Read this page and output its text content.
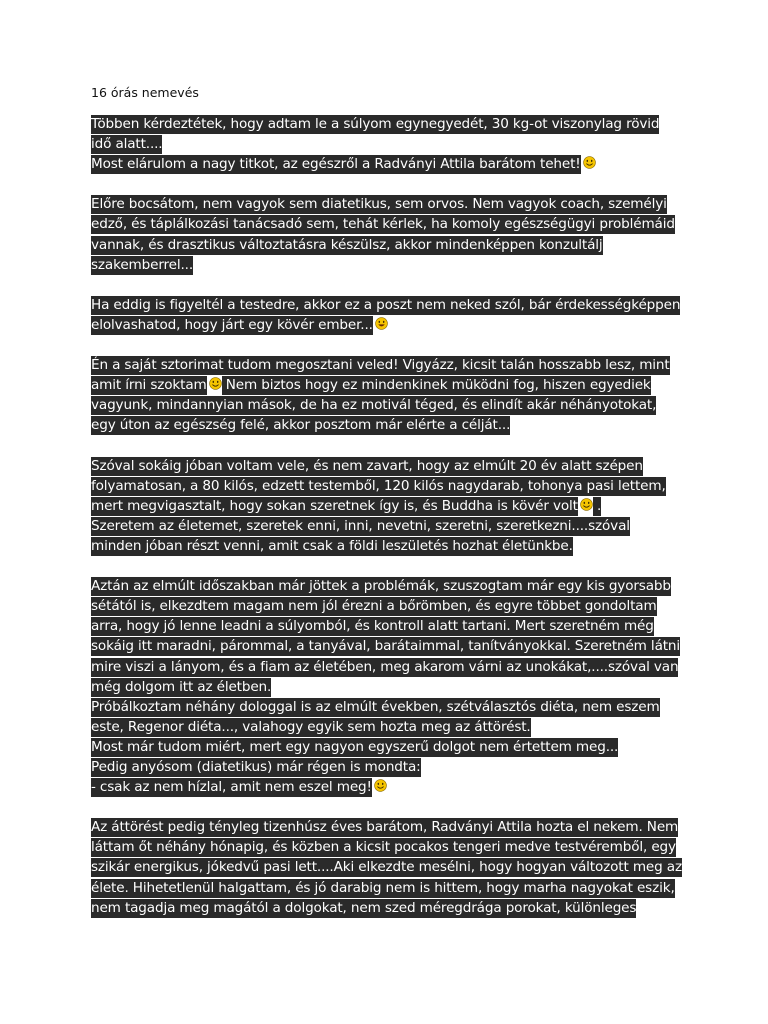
16 órás nemevés

Többen kérdeztétek, hogy adtam le a súlyom egynegyedét, 30 kg-ot viszonylag rövid idő alatt....

Most elárulom a nagy titkot, az egészről a Radványi Attila barátom tehet!

Előre bocsátom, nem vagyok sem diatetikus, sem orvos. Nem vagyok coach, személyi edző, és táplálkozási tanácsadó sem, tehát kérlek, ha komoly egészségügyi problémáid vannak, és drasztikus változtatásra készülsz, akkor mindenképpen konzultálj szakemberrel...

Ha eddig is figyeltél a testedre, akkor ez a poszt nem neked szól, bár érdekességképpen elolvashatod, hogy járt egy kövér ember...

Én a saját sztorimat tudom megosztani veled! Vigyázz, kicsit talán hosszabb lesz, mint amit írni szoktam Nem biztos hogy ez mindenkinek müködni fog, hiszen egyediek vagyunk, mindannyian mások, de ha ez motivál téged, és elindít akár néhányotokat, egy úton az egészség felé, akkor posztom már elérte a célját...

Szóval sokáig jóban voltam vele, és nem zavart, hogy az elmúlt 20 év alatt szépen folyamatosan, a 80 kilós, edzett testemből, 120 kilós nagydarab, tohonya pasi lettem, mert megvigasztalt, hogy sokan szeretnek így is, és Buddha is kövér volt .

Szeretem az életemet, szeretek enni, inni, nevetni, szeretni, szeretkezni....szóval minden jóban részt venni, amit csak a földi leszületés hozhat életünkbe.

Aztán az elmúlt időszakban már jöttek a problémák, szuszogtam már egy kis gyorsabb sétától is, elkezdtem magam nem jól érezni a bőrömben, és egyre többet gondoltam arra, hogy jó lenne leadni a súlyomból, és kontroll alatt tartani. Mert szeretném még sokáig itt maradni, párommal, a tanyával, barátaimmal, tanítványokkal. Szeretném látni mire viszi a lányom, és a fiam az életében, meg akarom várni az unokákat,....szóval van még dolgom itt az életben.

Próbálkoztam néhány dologgal is az elmúlt években, szétválasztós diéta, nem eszem este, Regenor diéta..., valahogy egyik sem hozta meg az áttörést.

Most már tudom miért, mert egy nagyon egyszerű dolgot nem értettem meg...

Pedig anyósom (diatetikus) már régen is mondta:

- csak az nem hízlal, amit nem eszel meg!

Az áttörést pedig tényleg tizenhúsz éves barátom, Radványi Attila hozta el nekem. Nem láttam őt néhány hónapig, és közben a kicsit pocakos tengeri medve testvéremből, egy szikár energikus, jókedvű pasi lett....Aki elkezdte mesélni, hogy hogyan változott meg az élete. Hihetetlenül halgattam, és jó darabig nem is hittem, hogy marha nagyokat eszik, nem tagadja meg magától a dolgokat, nem szed méregdrága porokat, különleges
